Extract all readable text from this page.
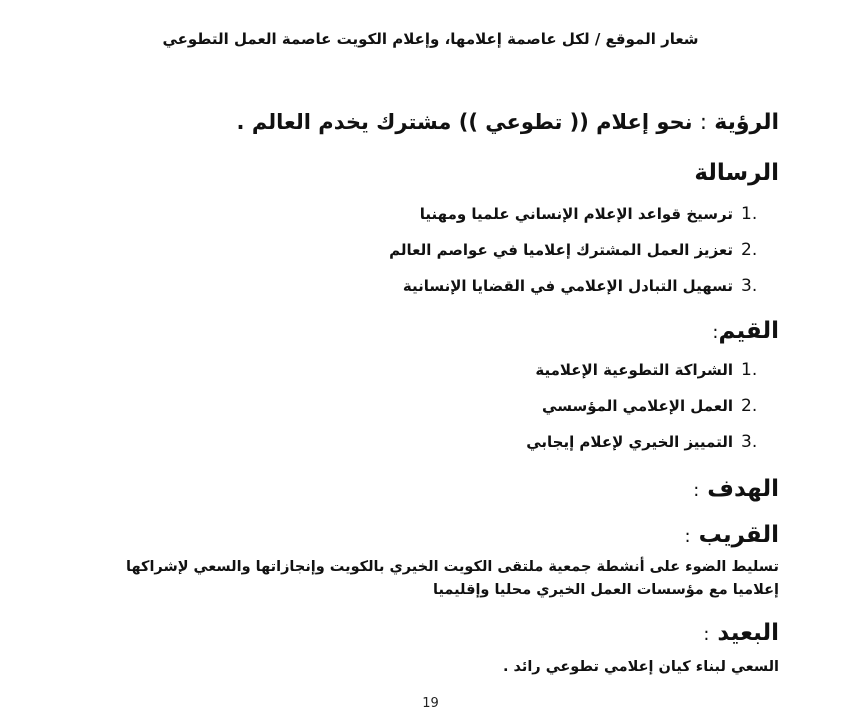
شعار الموقع / لكل عاصمة إعلامها، وإعلام الكويت عاصمة العمل التطوعي
الرؤية : نحو إعلام (( تطوعي )) مشترك يخدم العالم .
الرسالة
1.
ترسيخ قواعد الإعلام الإنساني علميا ومهنيا
2.
تعزيز العمل المشترك إعلاميا في عواصم العالم
3.
تسهيل التبادل الإعلامي في القضايا الإنسانية
القيم:
1.
الشراكة التطوعية الإعلامية
2.
العمل الإعلامي المؤسسي
3.
التمييز الخيري لإعلام إيجابي
الهدف :
القريب :
تسليط الضوء على أنشطة جمعية ملتقى الكويت الخيري بالكويت وإنجازاتها والسعي لإشراكها إعلاميا مع مؤسسات العمل الخيري محليا وإقليميا
البعيد :
السعي لبناء كيان إعلامي تطوعي رائد .
19
